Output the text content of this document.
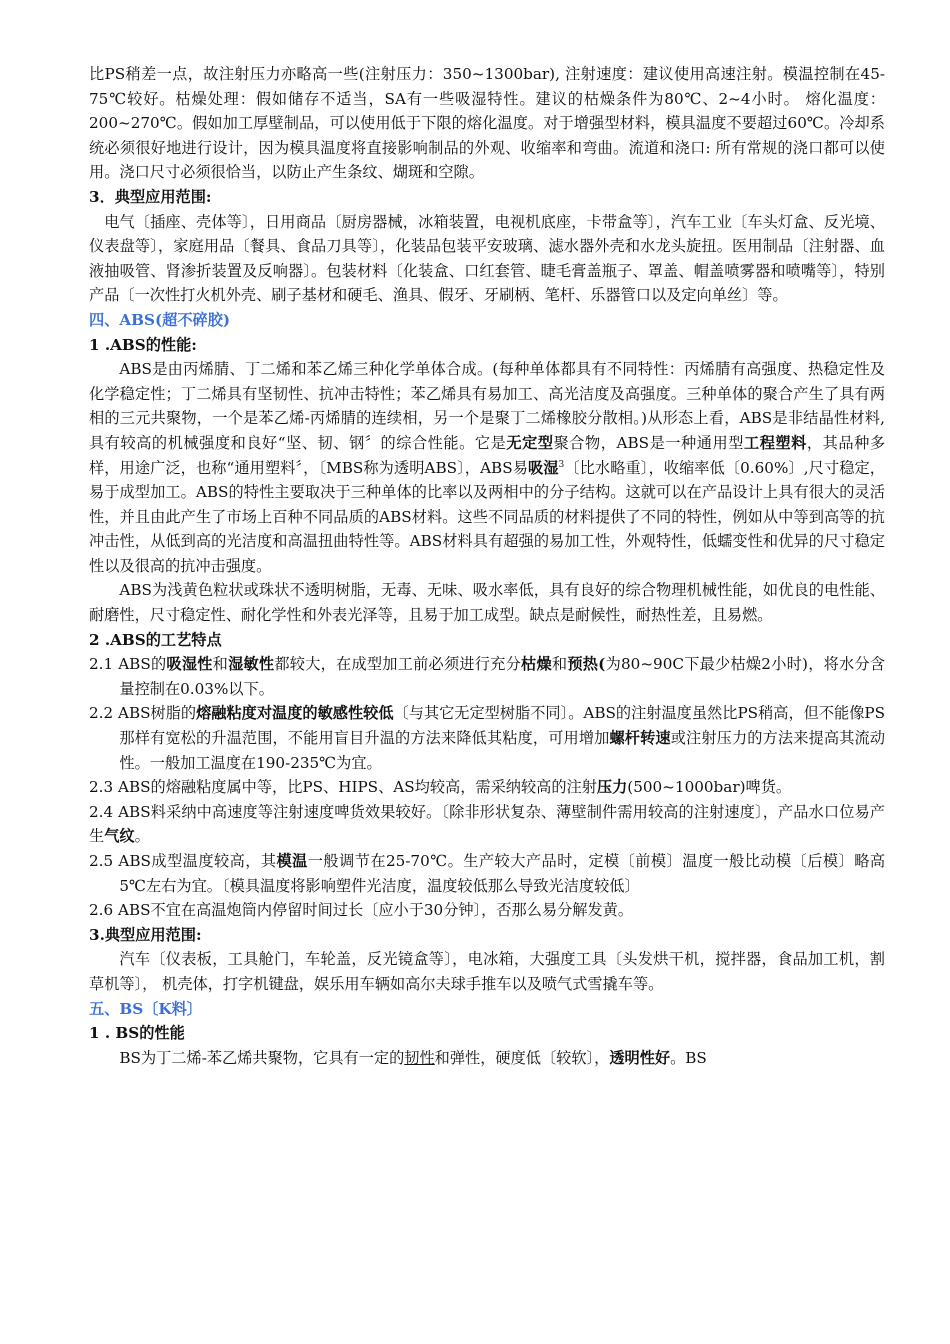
比PS稍差一点，故注射压力亦略高一些(注射压力：350~1300bar), 注射速度：建议使用高速注射。模温控制在45-75℃较好。枯燥处理：假如储存不适当，SA有一些吸湿特性。建议的枯燥条件为80℃、2~4小时。 熔化温度：200~270℃。假如加工厚壁制品，可以使用低于下限的熔化温度。对于增强型材料，模具温度不要超过60℃。冷却系统必须很好地进行设计，因为模具温度将直接影响制品的外观、收缩率和弯曲。流道和浇口: 所有常规的浇口都可以使用。浇口尺寸必须很恰当，以防止产生条纹、煳斑和空隙。

3．典型应用范围:

电气〔插座、壳体等〕，日用商品〔厨房器械，冰箱装置，电视机底座，卡带盒等〕，汽车工业〔车头灯盒、反光境、仪表盘等〕，家庭用品〔餐具、食品刀具等〕，化装品包装平安玻璃、滤水器外壳和水龙头旋扭。医用制品〔注射器、血液抽吸管、肾渗折装置及反响器〕。包装材料〔化装盒、口红套管、睫毛膏盖瓶子、罩盖、帽盖喷雾器和喷嘴等〕，特别产品〔一次性打火机外壳、刷子基材和硬毛、渔具、假牙、牙刷柄、笔杆、乐器管口以及定向单丝〕等。

四、ABS(超不碎胶)

1 .ABS的性能:

ABS是由丙烯腈、丁二烯和苯乙烯三种化学单体合成。(每种单体都具有不同特性：丙烯腈有高强度、热稳定性及化学稳定性；丁二烯具有坚韧性、抗冲击特性；苯乙烯具有易加工、高光洁度及高强度。三种单体的聚合产生了具有两相的三元共聚物，一个是苯乙烯-丙烯腈的连续相，另一个是聚丁二烯橡胶分散相。)从形态上看，ABS是非结晶性材料,具有较高的机械强度和良好“坚、韧、钢〞的综合性能。它是无定型聚合物，ABS是一种通用型工程塑料，其品种多样，用途广泛，也称“通用塑料〞，〔MBS称为透明ABS〕，ABS易吸湿$^3$〔比水略重〕，收缩率低〔0.60%〕,尺寸稳定，易于成型加工。ABS的特性主要取决于三种单体的比率以及两相中的分子结构。这就可以在产品设计上具有很大的灵活性，并且由此产生了市场上百种不同品质的ABS材料。这些不同品质的材料提供了不同的特性，例如从中等到高等的抗冲击性，从低到高的光洁度和高温扭曲特性等。ABS材料具有超强的易加工性，外观特性，低蠕变性和优异的尺寸稳定性以及很高的抗冲击强度。

ABS为浅黄色粒状或珠状不透明树脂，无毒、无味、吸水率低，具有良好的综合物理机械性能，如优良的电性能、耐磨性，尺寸稳定性、耐化学性和外表光泽等，且易于加工成型。缺点是耐候性，耐热性差，且易燃。

2 .ABS的工艺特点

2.1 ABS的吸湿性和湿敏性都较大，在成型加工前必须进行充分枯燥和预热(为80~90C下最少枯燥2小时)，将水分含量控制在0.03%以下。

2.2 ABS树脂的熔融粘度对温度的敏感性较低〔与其它无定型树脂不同〕。ABS的注射温度虽然比PS稍高，但不能像PS那样有宽松的升温范围，不能用盲目升温的方法来降低其粘度，可用增加螺杆转速或注射压力的方法来提高其流动性。一般加工温度在190-235℃为宜。

2.3 ABS的熔融粘度属中等，比PS、HIPS、AS均较高，需采纳较高的注射压力(500~1000bar)啤货。

2.4 ABS料采纳中高速度等注射速度啤货效果较好。〔除非形状复杂、薄壁制件需用较高的注射速度〕，产品水口位易产生气纹。

2.5 ABS成型温度较高，其模温一般调节在25-70℃。生产较大产品时，定模〔前模〕温度一般比动模〔后模〕略高5℃左右为宜。〔模具温度将影响塑件光洁度，温度较低那么导致光洁度较低〕

2.6 ABS不宜在高温炮筒内停留时间过长〔应小于30分钟〕，否那么易分解发黄。

3.典型应用范围:

汽车〔仪表板，工具舱门，车轮盖，反光镜盒等〕，电冰箱，大强度工具〔头发烘干机，搅拌器，食品加工机，割草机等〕， 机壳体，打字机键盘，娱乐用车辆如高尔夫球手推车以及喷气式雪撬车等。

五、BS〔K料〕

1 . BS的性能

BS为丁二烯-苯乙烯共聚物，它具有一定的韧性和弹性，硬度低〔较软〕，透明性好。BS
